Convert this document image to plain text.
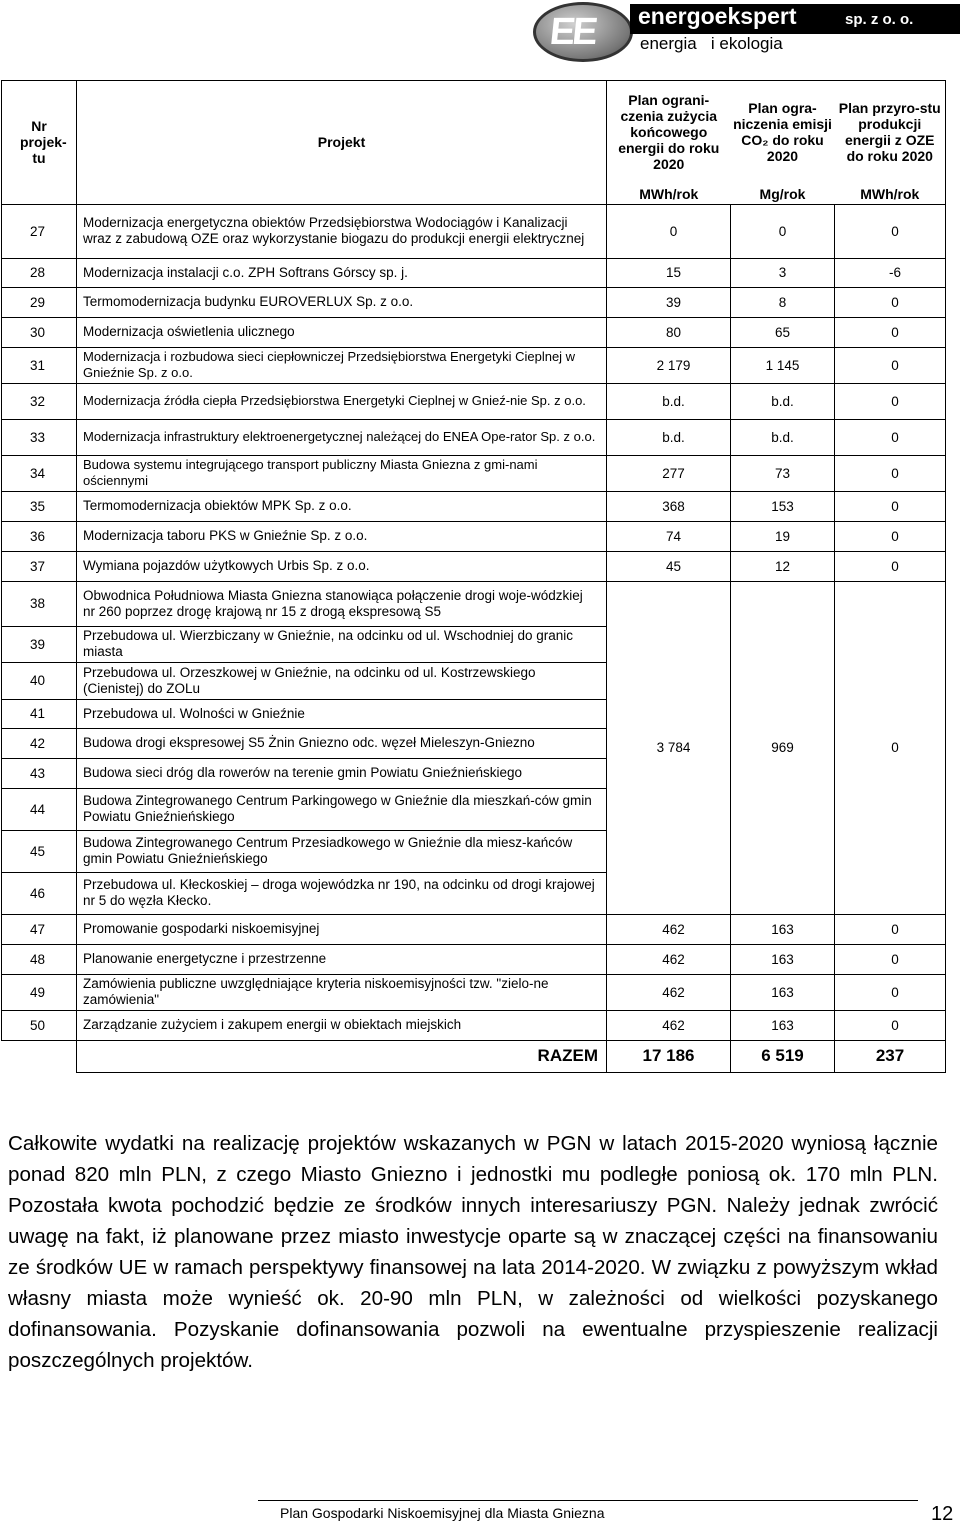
EE energoekspert	sp. z o. o.
energia   i ekologia
Nr projek-tu	Projekt	Plan ograni-czenia zużycia końcowego energii do roku 2020	Plan ogra-niczenia emisji CO₂ do roku 2020	Plan przyro-stu produkcji energii z OZE do roku 2020
		MWh/rok	Mg/rok	MWh/rok
27	Modernizacja energetyczna obiektów Przedsiębiorstwa Wodociągów i Kanalizacji wraz z zabudową OZE oraz wykorzystanie biogazu do produkcji energii elektrycznej	0	0	0
28	Modernizacja instalacji c.o. ZPH Softrans Górscy sp. j.	15	3	-6
29	Termomodernizacja budynku EUROVERLUX Sp. z o.o.	39	8	0
30	Modernizacja oświetlenia ulicznego	80	65	0
31	Modernizacja i rozbudowa sieci ciepłowniczej Przedsiębiorstwa Energetyki Cieplnej w Gnieźnie Sp. z o.o.	2 179	1 145	0
32	Modernizacja źródła ciepła Przedsiębiorstwa Energetyki Cieplnej w Gnieź-nie Sp. z o.o.	b.d.	b.d.	0
33	Modernizacja infrastruktury elektroenergetycznej należącej do ENEA Ope-rator Sp. z o.o.	b.d.	b.d.	0
34	Budowa systemu integrującego transport publiczny Miasta Gniezna z gmi-nami ościennymi	277	73	0
35	Termomodernizacja obiektów MPK Sp. z o.o.	368	153	0
36	Modernizacja taboru PKS w Gnieźnie Sp. z o.o.	74	19	0
37	Wymiana pojazdów użytkowych Urbis Sp. z o.o.	45	12	0
38	Obwodnica Południowa Miasta Gniezna stanowiąca połączenie drogi woje-wódzkiej nr 260 poprzez drogę krajową nr 15 z drogą ekspresową S5	3 784	969	0
39	Przebudowa ul. Wierzbiczany w Gnieźnie, na odcinku od ul. Wschodniej do granic miasta			
40	Przebudowa ul. Orzeszkowej w Gnieźnie, na odcinku od ul. Kostrzewskiego (Cienistej) do ZOLu			
41	Przebudowa ul. Wolności w Gnieźnie			
42	Budowa drogi ekspresowej S5 Żnin Gniezno odc. węzeł Mieleszyn-Gniezno			
43	Budowa sieci dróg dla rowerów na terenie gmin Powiatu Gnieźnieńskiego			
44	Budowa Zintegrowanego Centrum Parkingowego w Gnieźnie dla mieszkań-ców gmin Powiatu Gnieźnieńskiego			
45	Budowa Zintegrowanego Centrum Przesiadkowego w Gnieźnie dla miesz-kańców gmin Powiatu Gnieźnieńskiego			
46	Przebudowa ul. Kłeckoskiej – droga wojewódzka nr 190, na odcinku od drogi krajowej nr 5 do węzła Kłecko.			
47	Promowanie gospodarki niskoemisyjnej	462	163	0
48	Planowanie energetyczne i przestrzenne	462	163	0
49	Zamówienia publiczne uwzględniające kryteria niskoemisyjności tzw. "zielo-ne zamówienia"	462	163	0
50	Zarządzanie zużyciem i zakupem energii w obiektach miejskich	462	163	0
	RAZEM	17 186	6 519	237

Całkowite wydatki na realizację projektów wskazanych w PGN w latach 2015-2020 wyniosą łącznie ponad 820 mln PLN, z czego Miasto Gniezno i jednostki mu podległe poniosą ok. 170 mln PLN. Pozostała kwota pochodzić będzie ze środków innych interesariuszy PGN. Należy jednak zwrócić uwagę na fakt, iż planowane przez miasto inwestycje oparte są w znaczącej części na finansowaniu ze środków UE w ramach perspektywy finansowej na lata 2014-2020. W związku z powyższym wkład własny miasta może wynieść ok. 20-90 mln PLN, w zależności od wielkości pozyskanego dofinansowania. Pozyskanie dofinansowania pozwoli na ewentualne przyspieszenie realizacji poszczególnych projektów.

Plan Gospodarki Niskoemisyjnej dla Miasta Gniezna	12
